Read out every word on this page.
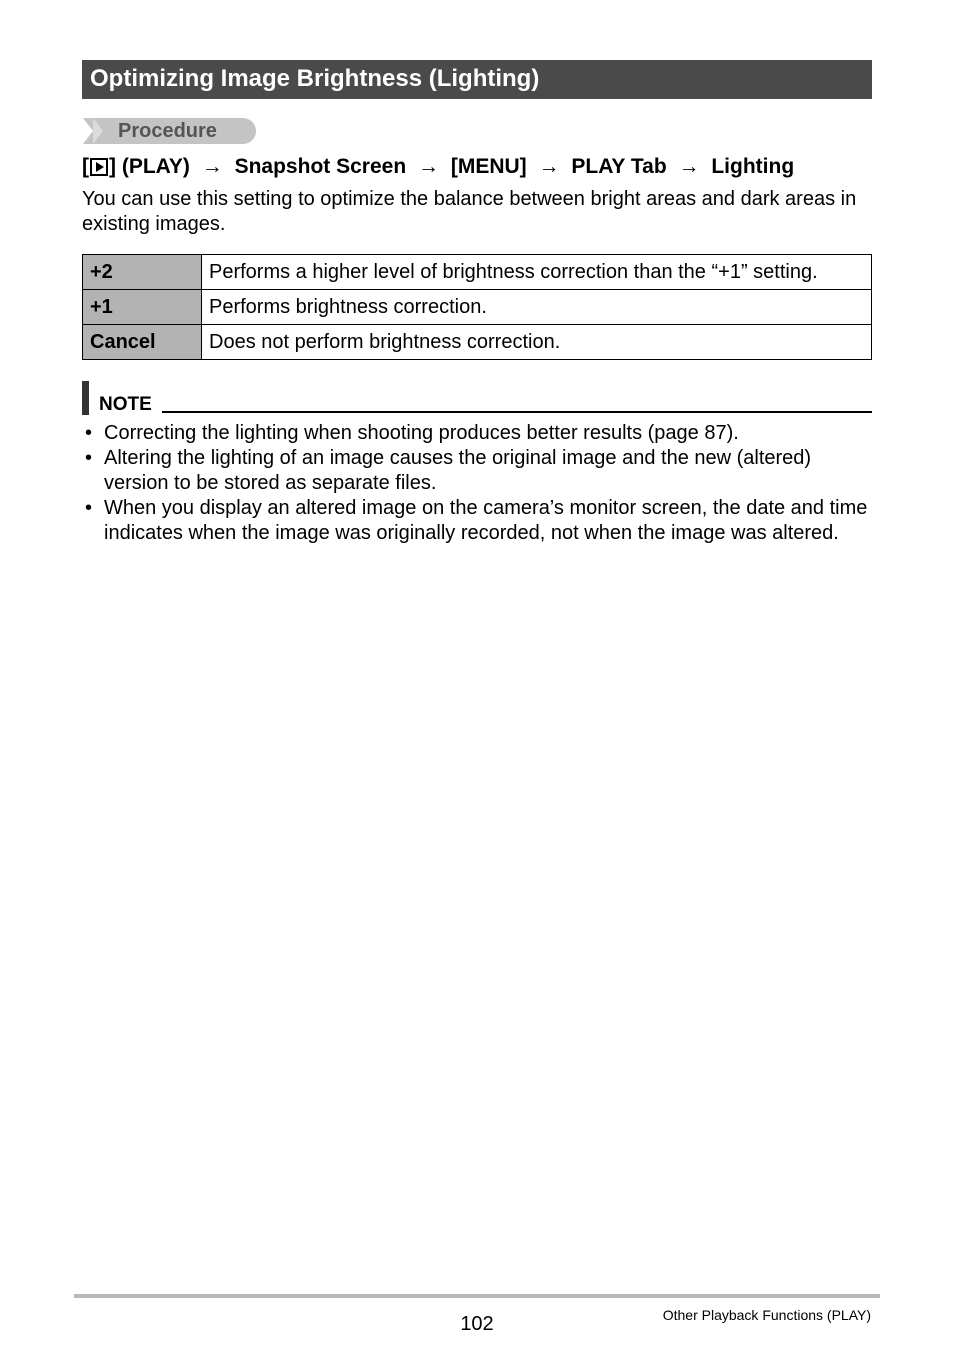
Optimizing Image Brightness (Lighting)
Procedure
[ ] (PLAY) → Snapshot Screen → [MENU] → PLAY Tab → Lighting
You can use this setting to optimize the balance between bright areas and dark areas in existing images.
+2	Performs a higher level of brightness correction than the “+1” setting.
+1	Performs brightness correction.
Cancel	Does not perform brightness correction.
NOTE
• Correcting the lighting when shooting produces better results (page 87).
• Altering the lighting of an image causes the original image and the new (altered) version to be stored as separate files.
• When you display an altered image on the camera’s monitor screen, the date and time indicates when the image was originally recorded, not when the image was altered.
102	Other Playback Functions (PLAY)
